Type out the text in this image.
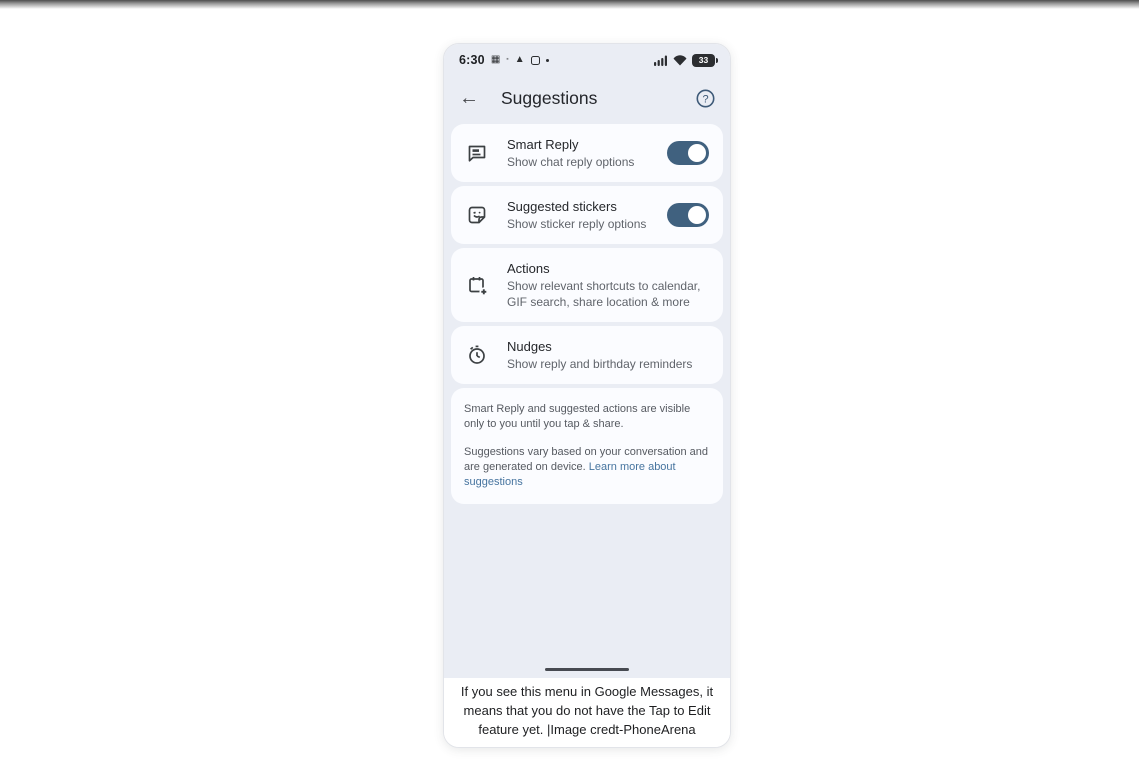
6:30 ▦ ▪ ▲	33
← Suggestions	?
Smart Reply
Show chat reply options
Suggested stickers
Show sticker reply options
Actions
Show relevant shortcuts to calendar, GIF search, share location & more
Nudges
Show reply and birthday reminders

Smart Reply and suggested actions are visible only to you until you tap & share.

Suggestions vary based on your conversation and are generated on device. Learn more about suggestions

If you see this menu in Google Messages, it means that you do not have the Tap to Edit feature yet. |Image credt-PhoneArena
